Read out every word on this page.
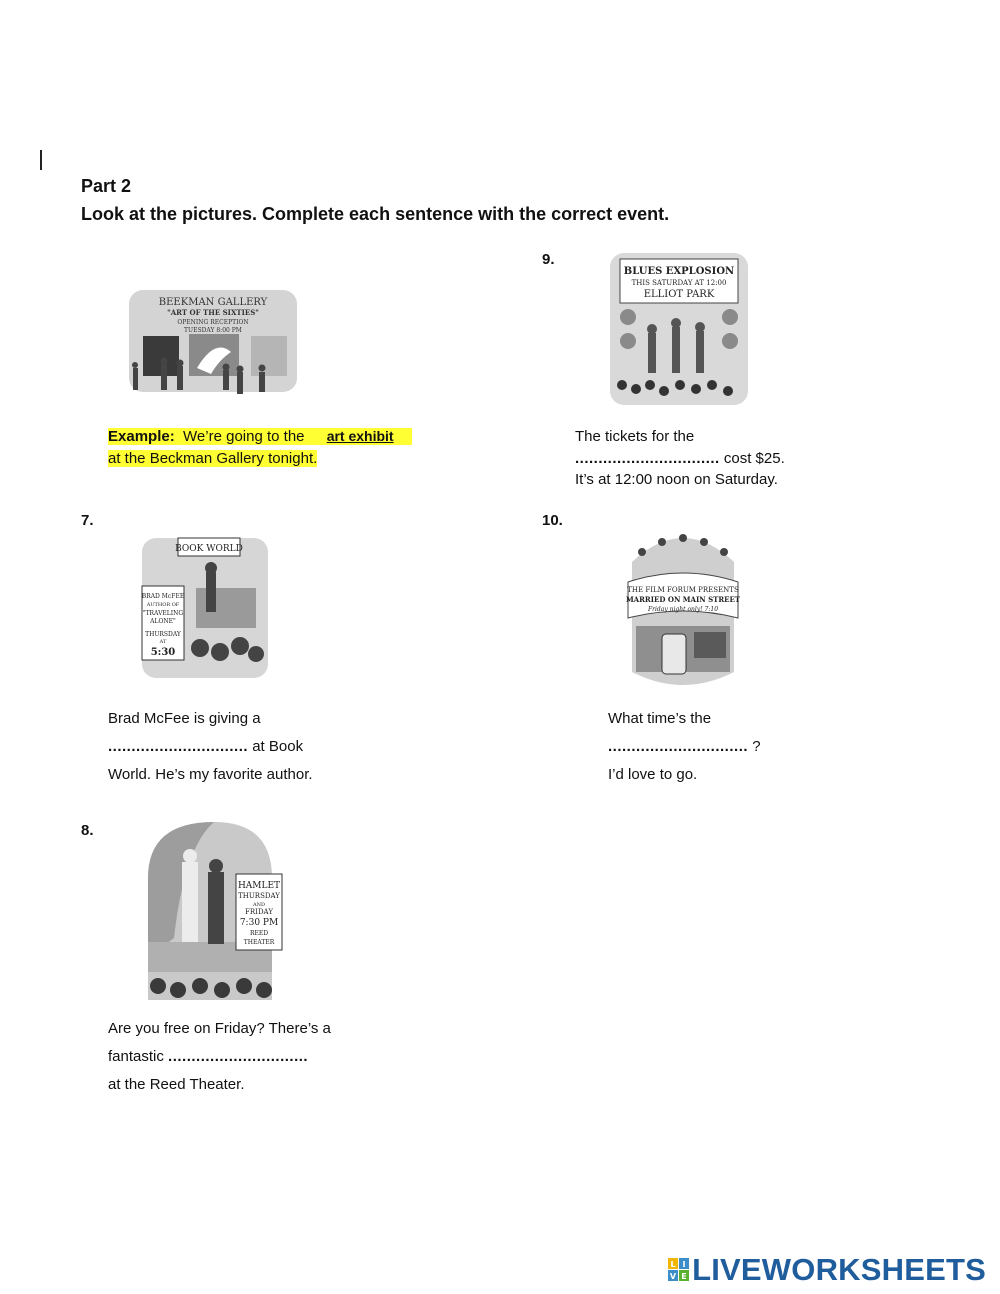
Part 2
Look at the pictures. Complete each sentence with the correct event.
BEEKMAN GALLERY
"ART OF THE SIXTIES"
OPENING RECEPTION
TUESDAY 8:00 PM
Example: We’re going to the art exhibit
at the Beckman Gallery tonight.
9.
BLUES EXPLOSION
THIS SATURDAY AT 12:00
ELLIOT PARK
The tickets for the
............................... cost $25.
It’s at 12:00 noon on Saturday.
7.
BOOK WORLD
BRAD McFEE
AUTHOR OF
"TRAVELING
ALONE"
THURSDAY
AT
5:30
Brad McFee is giving a
.............................. at Book
World. He’s my favorite author.
10.
THE FILM FORUM PRESENTS
MARRIED ON MAIN STREET
Friday night only! 7:10
What time’s the
.............................. ?
I’d love to go.
8.
HAMLET
THURSDAY
AND
FRIDAY
7:30 PM
REED
THEATER
Are you free on Friday? There’s a
fantastic ..............................
at the Reed Theater.
L I
V E LIVEWORKSHEETS
